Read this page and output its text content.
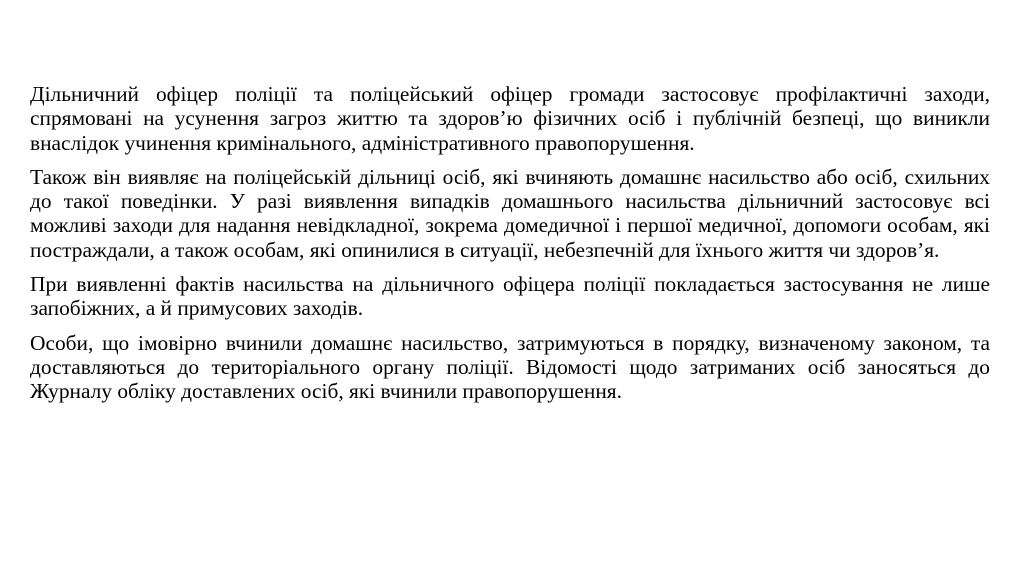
Дільничний офіцер поліції та поліцейський офіцер громади застосовує профілактичні заходи, спрямовані на усунення загроз життю та здоров’ю фізичних осіб і публічній безпеці, що виникли внаслідок учинення кримінального, адміністративного правопорушення.

Також він виявляє на поліцейській дільниці осіб, які вчиняють домашнє насильство або осіб, схильних до такої поведінки. У разі виявлення випадків домашнього насильства дільничний застосовує всі можливі заходи для надання невідкладної, зокрема домедичної і першої медичної, допомоги особам, які постраждали, а також особам, які опинилися в ситуації, небезпечній для їхнього життя чи здоров’я.

При виявленні фактів насильства на дільничного офіцера поліції покладається застосування не лише запобіжних, а й примусових заходів.

Особи, що імовірно вчинили домашнє насильство, затримуються в порядку, визначеному законом, та доставляються до територіального органу поліції. Відомості щодо затриманих осіб заносяться до Журналу обліку доставлених осіб, які вчинили правопорушення.
